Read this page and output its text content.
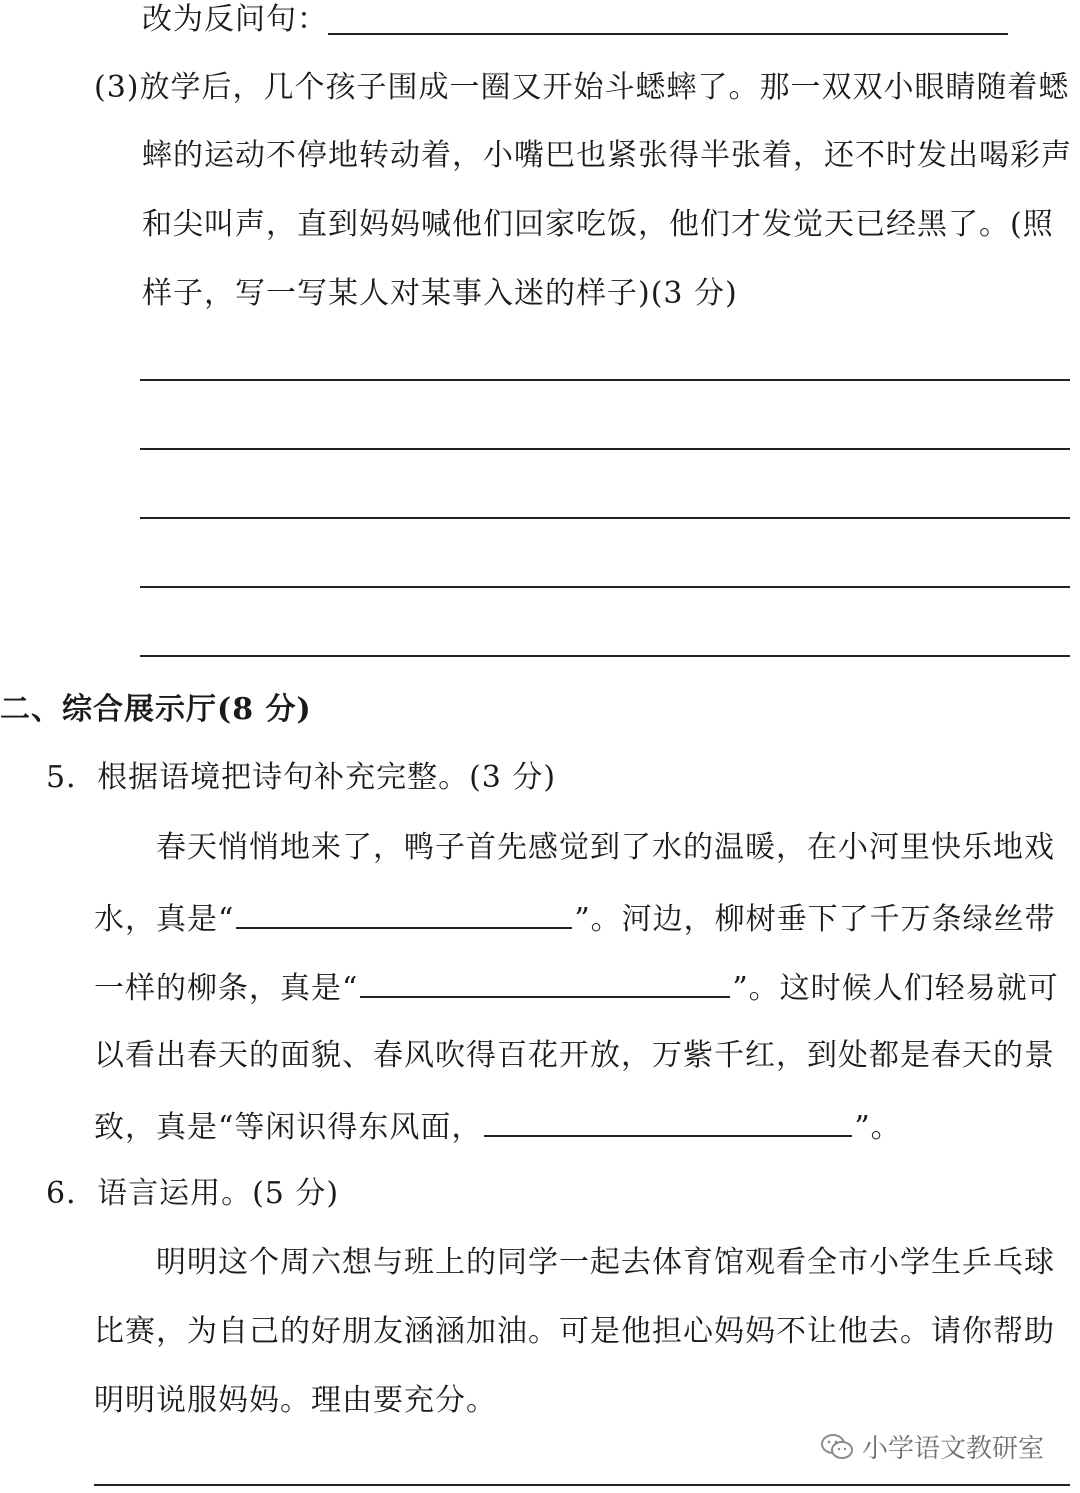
改为反问句：
(3)放学后，几个孩子围成一圈又开始斗蟋蟀了。那一双双小眼睛随着蟋
蟀的运动不停地转动着，小嘴巴也紧张得半张着，还不时发出喝彩声
和尖叫声，直到妈妈喊他们回家吃饭，他们才发觉天已经黑了。(照
样子，写一写某人对某事入迷的样子)(3 分)
二、综合展示厅(8 分)
5．根据语境把诗句补充完整。(3 分)
春天悄悄地来了，鸭子首先感觉到了水的温暖，在小河里快乐地戏
水，真是“	”。河边，柳树垂下了千万条绿丝带
一样的柳条，真是“	”。这时候人们轻易就可
以看出春天的面貌、春风吹得百花开放，万紫千红，到处都是春天的景
致，真是“等闲识得东风面，	”。
6．语言运用。(5 分)
明明这个周六想与班上的同学一起去体育馆观看全市小学生乒乓球
比赛，为自己的好朋友涵涵加油。可是他担心妈妈不让他去。请你帮助
明明说服妈妈。理由要充分。
小学语文教研室
